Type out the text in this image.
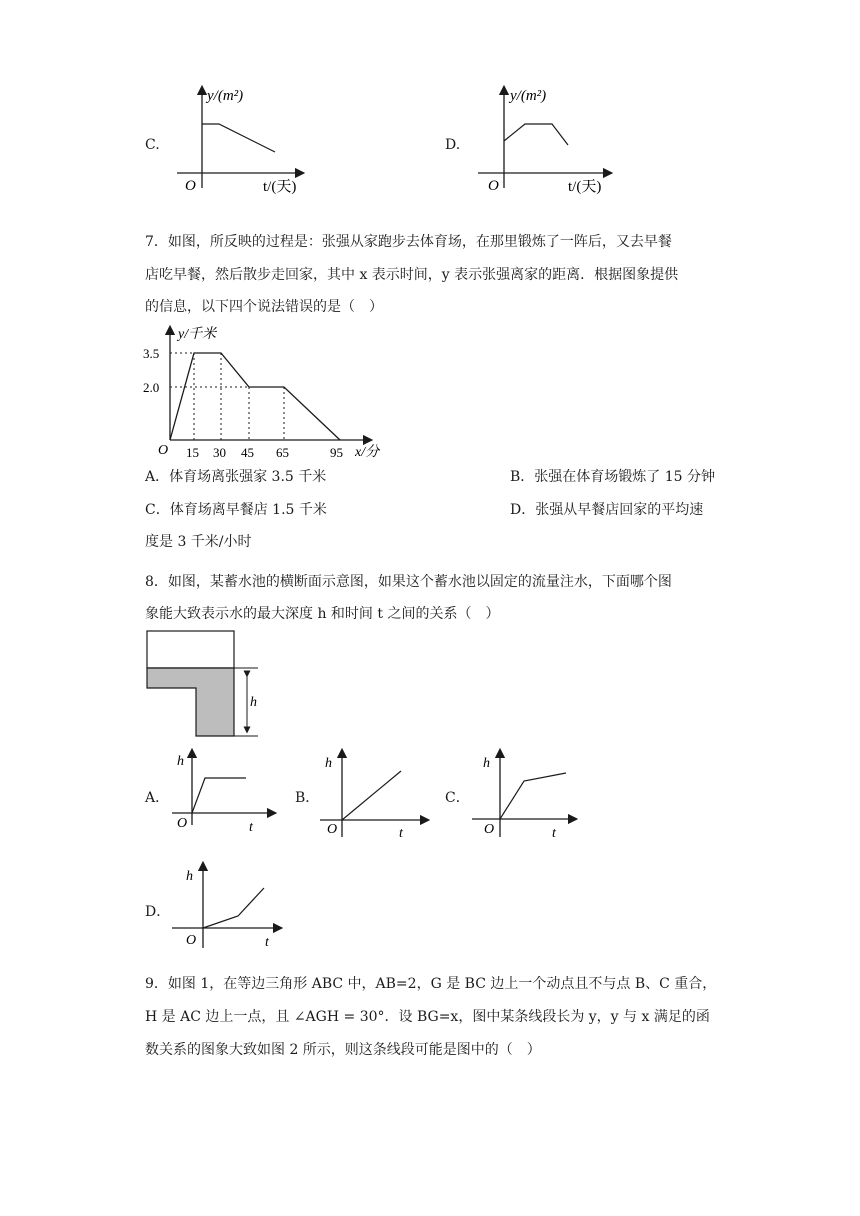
C.
y/(m²)
O	t/(天)
D.
y/(m²)
O	t/(天)
7．如图，所反映的过程是：张强从家跑步去体育场，在那里锻炼了一阵后，又去早餐
店吃早餐，然后散步走回家，其中 x 表示时间，y 表示张强离家的距离．根据图象提供
的信息，以下四个说法错误的是（　）
y/千米
3.5
2.0
O 15 30 45 65	95 x/分
A．体育场离张强家 3.5 千米	B．张强在体育场锻炼了 15 分钟
C．体育场离早餐店 1.5 千米	D．张强从早餐店回家的平均速
度是 3 千米/小时
8．如图，某蓄水池的横断面示意图，如果这个蓄水池以固定的流量注水，下面哪个图
象能大致表示水的最大深度 h 和时间 t 之间的关系（　）
h
A．
h
O	t
B．
h
O	t
C．
h
O	t
D．
h
O	t
9．如图 1，在等边三角形 ABC 中，AB=2，G 是 BC 边上一个动点且不与点 B、C 重合，
H 是 AC 边上一点，且 ∠AGH = 30°．设 BG=x，图中某条线段长为 y，y 与 x 满足的函
数关系的图象大致如图 2 所示，则这条线段可能是图中的（　）
